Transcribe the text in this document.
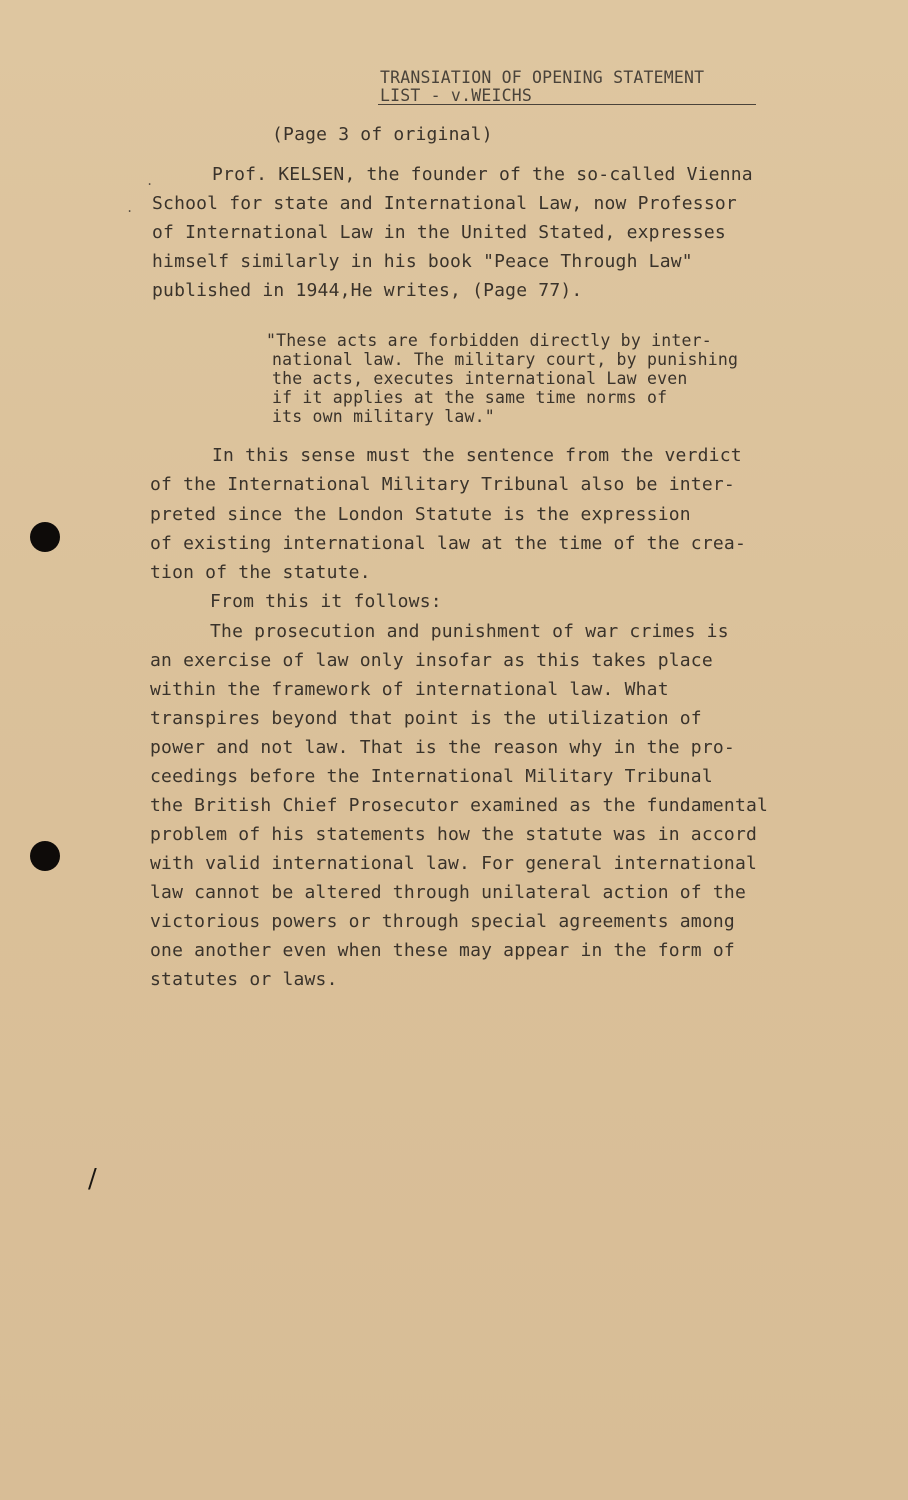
TRANSIATION OF OPENING STATEMENT
LIST - v.WEICHS
(Page 3 of original)
.
.
Prof. KELSEN, the founder of the so-called Vienna
School for state and International Law, now Professor
of International Law in the United Stated, expresses
himself similarly in his book "Peace Through Law"
published in 1944,He writes, (Page 77).
"These acts are forbidden directly by inter-
national law. The military court, by punishing
the acts, executes international Law even
if it applies at the same time norms of
its own military law."
In this sense must the sentence from the verdict
of the International Military Tribunal also be inter-
preted since the London Statute is the expression
of existing international law at the time of the crea-
tion of the statute.
From this it follows:
The prosecution and punishment of war crimes is
an exercise of law only insofar as this takes place
within the framework of international law. What
transpires beyond that point is the utilization of
power and not law. That is the reason why in the pro-
ceedings before the International Military Tribunal
the British Chief Prosecutor examined as the fundamental
problem of his statements how the statute was in accord
with valid international law. For general international
law cannot be altered through unilateral action of the
victorious powers or through special agreements among
one another even when these may appear in the form of
statutes or laws.
/
